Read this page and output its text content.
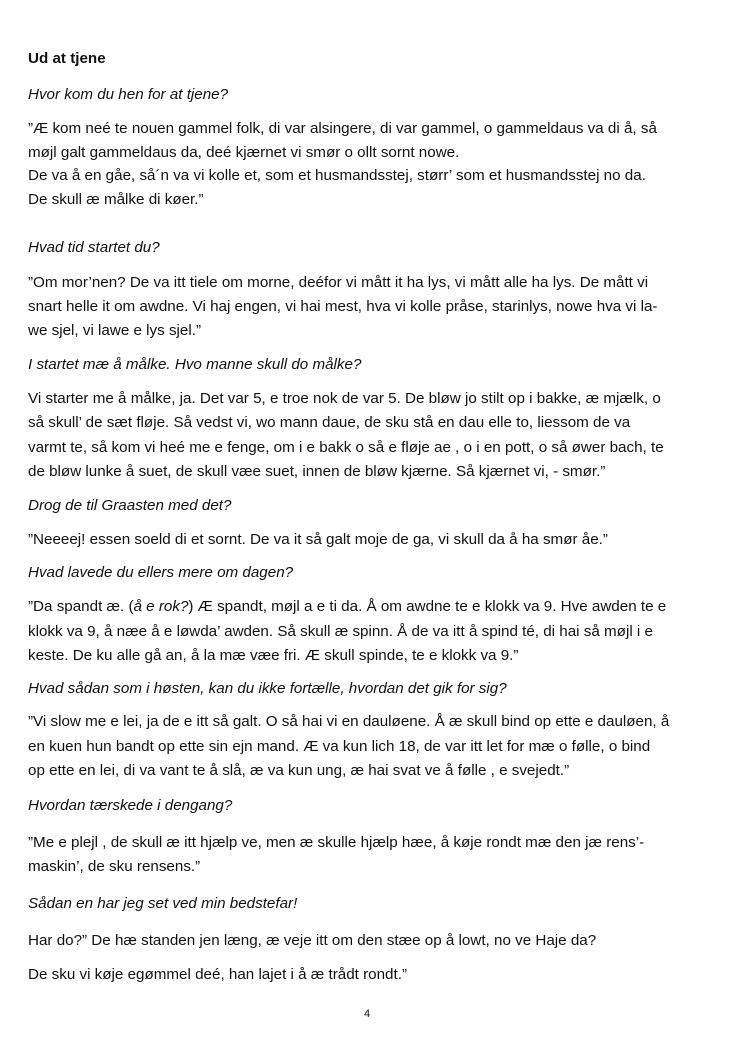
Ud at tjene

Hvor kom du hen for at tjene?

”Æ kom neé te nouen gammel folk, di var alsingere, di var gammel, o gammeldaus va di å, så

møjl galt gammeldaus da, deé kjærnet vi smør o ollt sornt nowe.

De va å en gåe, så´n va vi kolle et, som et husmandsstej, størr’ som et husmandsstej no da.

De skull æ målke di køer.”

Hvad tid startet du?

”Om mor’nen? De va itt tiele om morne, deéfor vi mått it ha lys, vi mått alle ha lys. De mått vi

snart helle it om awdne. Vi haj engen, vi hai mest, hva vi kolle pråse, starinlys, nowe hva vi la-

we sjel, vi lawe e lys sjel.”

I startet mæ å målke. Hvo manne skull do målke?

Vi starter me å målke, ja. Det var 5, e troe nok de var 5. De bløw jo stilt op i bakke, æ mjælk, o

så skull’ de sæt fløje. Så vedst vi, wo mann daue, de sku stå en dau elle to, liessom de va

varmt te, så kom vi heé me e fenge, om i e bakk o så e fløje ae , o i en pott, o så øwer bach, te

de bløw lunke å suet, de skull væe suet, innen de bløw kjærne. Så kjærnet vi, - smør.”

Drog de til Graasten med det?

”Neeeej! essen soeld di et sornt. De va it så galt moje de ga, vi skull da å ha smør åe.”

Hvad lavede du ellers mere om dagen?

”Da spandt æ. (å e rok?) Æ spandt, møjl a e ti da. Å om awdne te e klokk va 9. Hve awden te e

klokk va 9, å næe å e løwda’ awden. Så skull æ spinn. Å de va itt å spind té, di hai så møjl i e

keste. De ku alle gå an, å la mæ væe fri. Æ skull spinde, te e klokk va 9.”

Hvad sådan som i høsten, kan du ikke fortælle, hvordan det gik for sig?

”Vi slow me e lei, ja de e itt så galt. O så hai vi en dauløene. Å æ skull bind op ette e dauløen, å

en kuen hun bandt op ette sin ejn mand. Æ va kun lich 18, de var itt let for mæ o følle, o bind

op ette en lei, di va vant te å slå, æ va kun ung, æ hai svat ve å følle , e svejedt.”

Hvordan tærskede i dengang?

”Me e plejl , de skull æ itt hjælp ve, men æ skulle hjælp hæe, å køje rondt mæ den jæ rens’-

maskin’, de sku rensens.”

Sådan en har jeg set ved min bedstefar!

Har do?” De hæ standen jen læng, æ veje itt om den stæe op å lowt, no ve Haje da?

De sku vi køje egømmel deé, han lajet i å æ trådt rondt.”

4
